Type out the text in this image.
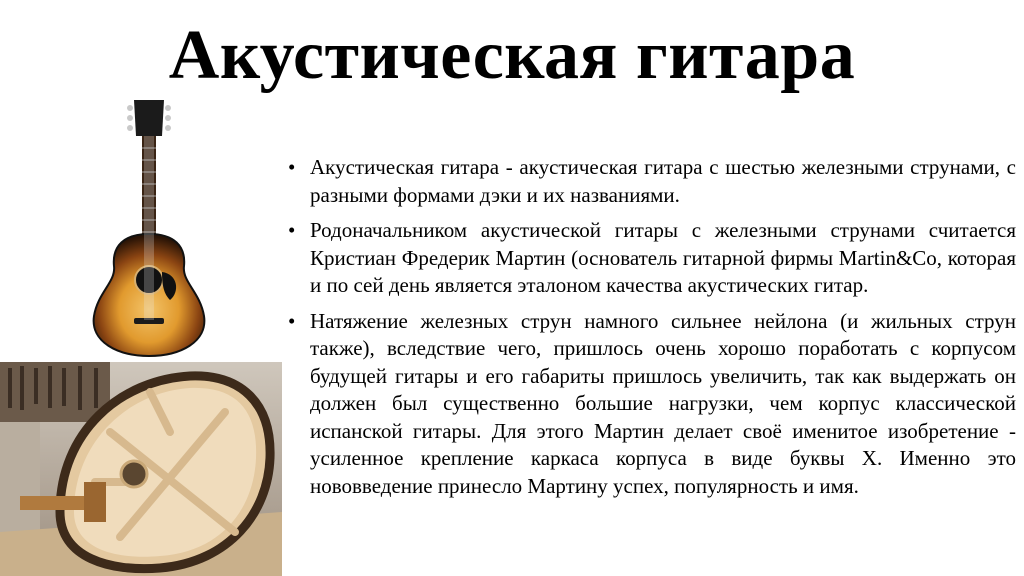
Акустическая гитара
• Акустическая гитара - акустическая гитара с шестью железными струнами, с разными формами дэки и их названиями.
• Родоначальником акустической гитары с железными струнами считается Кристиан Фредерик Мартин (основатель гитарной фирмы Martin&Co, которая и по сей день является эталоном качества акустических гитар.
• Натяжение железных струн намного сильнее нейлона (и жильных струн также), вследствие чего, пришлось очень хорошо поработать с корпусом будущей гитары и его габариты пришлось увеличить, так как выдержать он должен был существенно большие нагрузки, чем корпус классической испанской гитары. Для этого Мартин делает своё именитое изобретение - усиленное крепление каркаса корпуса в виде буквы Х. Именно это нововведение принесло Мартину успех, популярность и имя.
